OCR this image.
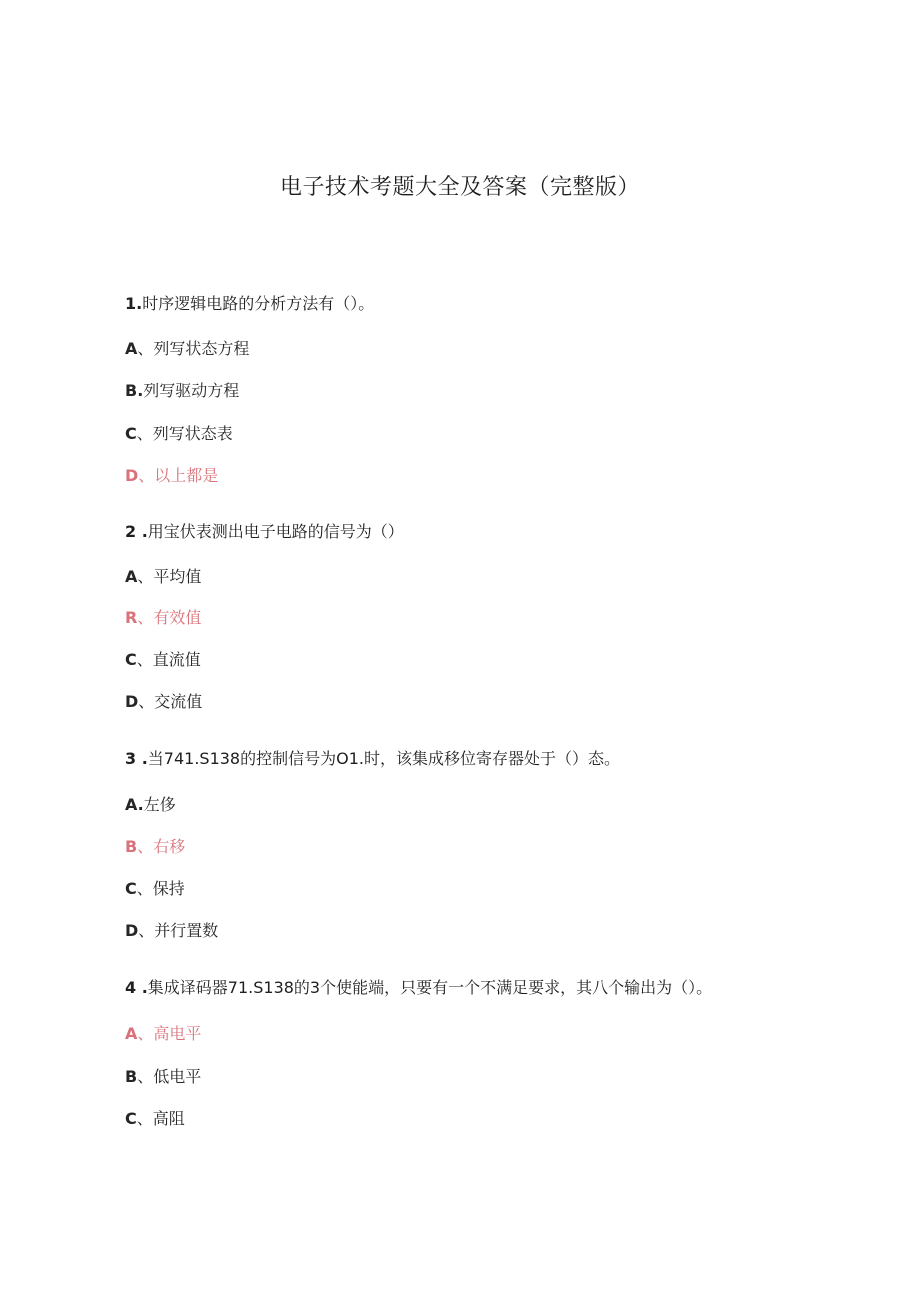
电子技术考题大全及答案（完整版）
1.时序逻辑电路的分析方法有（）。
A、列写状态方程
B.列写驱动方程
C、列写状态表
D、以上都是
2 .用宝伏表测出电子电路的信号为（）
A、平均值
R、有效值
C、直流值
D、交流值
3 .当741.S138的控制信号为O1.时，该集成移位寄存器处于（）态。
A.左侈
B、右移
C、保持
D、并行置数
4 .集成译码器71.S138的3个使能端，只要有一个不满足要求，其八个输出为（）。
A、高电平
B、低电平
C、高阻
